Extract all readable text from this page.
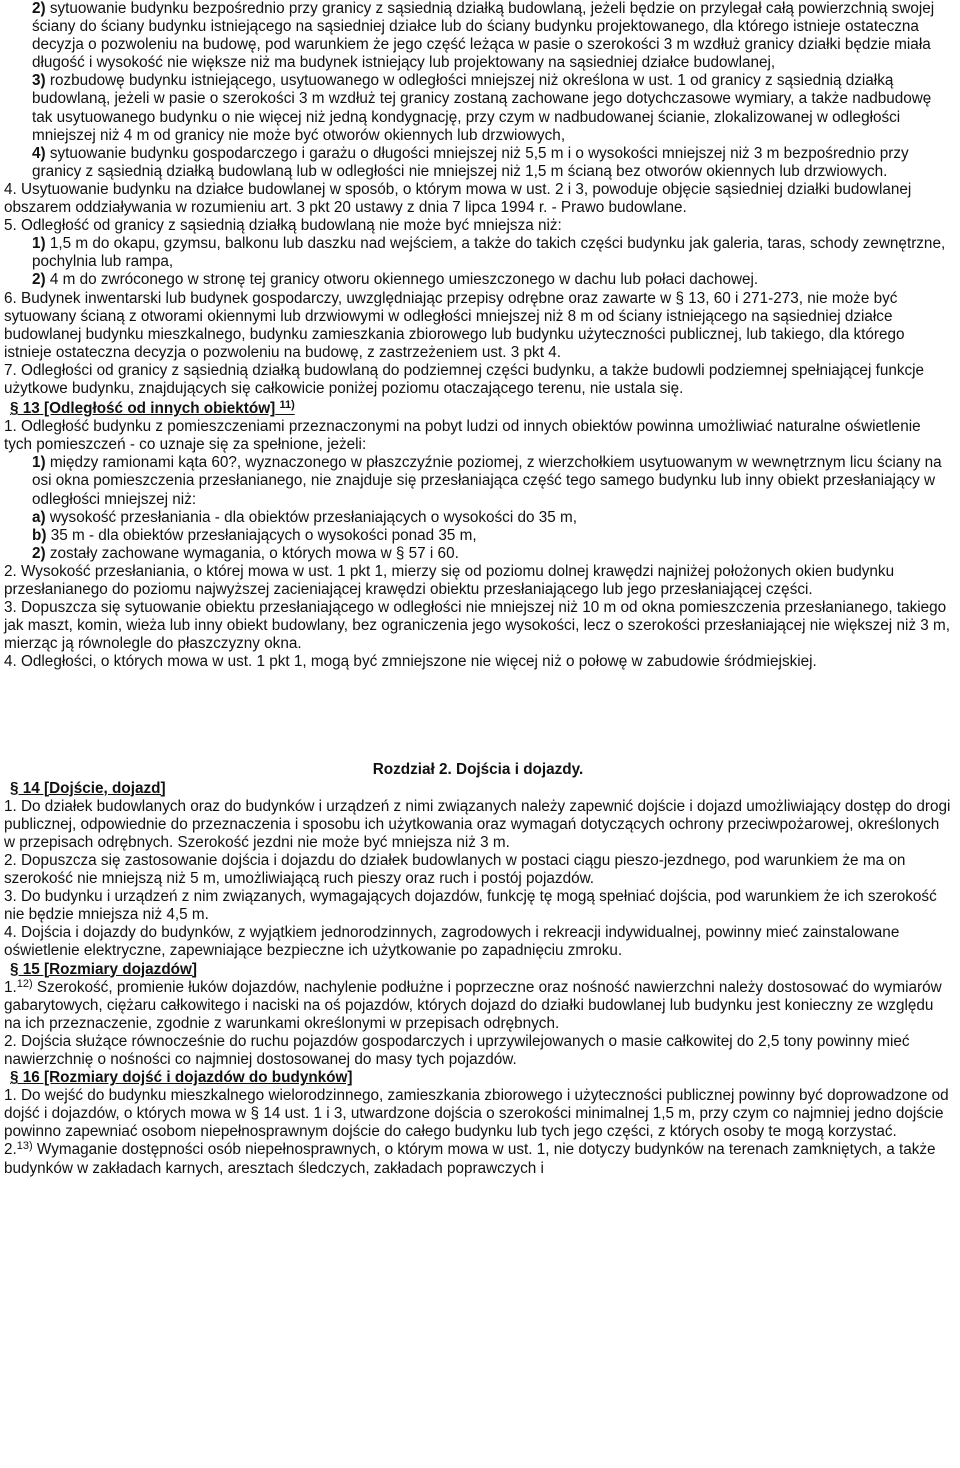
2) sytuowanie budynku bezpośrednio przy granicy z sąsiednią działką budowlaną, jeżeli będzie on przylegał całą powierzchnią swojej ściany do ściany budynku istniejącego na sąsiedniej działce lub do ściany budynku projektowanego, dla którego istnieje ostateczna decyzja o pozwoleniu na budowę, pod warunkiem że jego część leżąca w pasie o szerokości 3 m wzdłuż granicy działki będzie miała długość i wysokość nie większe niż ma budynek istniejący lub projektowany na sąsiedniej działce budowlanej,

3) rozbudowę budynku istniejącego, usytuowanego w odległości mniejszej niż określona w ust. 1 od granicy z sąsiednią działką budowlaną, jeżeli w pasie o szerokości 3 m wzdłuż tej granicy zostaną zachowane jego dotychczasowe wymiary, a także nadbudowę tak usytuowanego budynku o nie więcej niż jedną kondygnację, przy czym w nadbudowanej ścianie, zlokalizowanej w odległości mniejszej niż 4 m od granicy nie może być otworów okiennych lub drzwiowych,

4) sytuowanie budynku gospodarczego i garażu o długości mniejszej niż 5,5 m i o wysokości mniejszej niż 3 m bezpośrednio przy granicy z sąsiednią działką budowlaną lub w odległości nie mniejszej niż 1,5 m ścianą bez otworów okiennych lub drzwiowych.

4. Usytuowanie budynku na działce budowlanej w sposób, o którym mowa w ust. 2 i 3, powoduje objęcie sąsiedniej działki budowlanej obszarem oddziaływania w rozumieniu art. 3 pkt 20 ustawy z dnia 7 lipca 1994 r. - Prawo budowlane.

5. Odległość od granicy z sąsiednią działką budowlaną nie może być mniejsza niż:

1) 1,5 m do okapu, gzymsu, balkonu lub daszku nad wejściem, a także do takich części budynku jak galeria, taras, schody zewnętrzne, pochylnia lub rampa,

2) 4 m do zwróconego w stronę tej granicy otworu okiennego umieszczonego w dachu lub połaci dachowej.

6. Budynek inwentarski lub budynek gospodarczy, uwzględniając przepisy odrębne oraz zawarte w § 13, 60 i 271-273, nie może być sytuowany ścianą z otworami okiennymi lub drzwiowymi w odległości mniejszej niż 8 m od ściany istniejącego na sąsiedniej działce budowlanej budynku mieszkalnego, budynku zamieszkania zbiorowego lub budynku użyteczności publicznej, lub takiego, dla którego istnieje ostateczna decyzja o pozwoleniu na budowę, z zastrzeżeniem ust. 3 pkt 4.

7. Odległości od granicy z sąsiednią działką budowlaną do podziemnej części budynku, a także budowli podziemnej spełniającej funkcje użytkowe budynku, znajdujących się całkowicie poniżej poziomu otaczającego terenu, nie ustala się.

§ 13 [Odległość od innych obiektów] $^{11)}$

1. Odległość budynku z pomieszczeniami przeznaczonymi na pobyt ludzi od innych obiektów powinna umożliwiać naturalne oświetlenie tych pomieszczeń - co uznaje się za spełnione, jeżeli:

1) między ramionami kąta 60?, wyznaczonego w płaszczyźnie poziomej, z wierzchołkiem usytuowanym w wewnętrznym licu ściany na osi okna pomieszczenia przesłanianego, nie znajduje się przesłaniająca część tego samego budynku lub inny obiekt przesłaniający w odległości mniejszej niż:

a) wysokość przesłaniania - dla obiektów przesłaniających o wysokości do 35 m,

b) 35 m - dla obiektów przesłaniających o wysokości ponad 35 m,

2) zostały zachowane wymagania, o których mowa w § 57 i 60.

2. Wysokość przesłaniania, o której mowa w ust. 1 pkt 1, mierzy się od poziomu dolnej krawędzi najniżej położonych okien budynku przesłanianego do poziomu najwyższej zacieniającej krawędzi obiektu przesłaniającego lub jego przesłaniającej części.

3. Dopuszcza się sytuowanie obiektu przesłaniającego w odległości nie mniejszej niż 10 m od okna pomieszczenia przesłanianego, takiego jak maszt, komin, wieża lub inny obiekt budowlany, bez ograniczenia jego wysokości, lecz o szerokości przesłaniającej nie większej niż 3 m, mierząc ją równolegle do płaszczyzny okna.

4. Odległości, o których mowa w ust. 1 pkt 1, mogą być zmniejszone nie więcej niż o połowę w zabudowie śródmiejskiej.

Rozdział 2. Dojścia i dojazdy.

§ 14 [Dojście, dojazd]

1. Do działek budowlanych oraz do budynków i urządzeń z nimi związanych należy zapewnić dojście i dojazd umożliwiający dostęp do drogi publicznej, odpowiednie do przeznaczenia i sposobu ich użytkowania oraz wymagań dotyczących ochrony przeciwpożarowej, określonych w przepisach odrębnych. Szerokość jezdni nie może być mniejsza niż 3 m.

2. Dopuszcza się zastosowanie dojścia i dojazdu do działek budowlanych w postaci ciągu pieszo-jezdnego, pod warunkiem że ma on szerokość nie mniejszą niż 5 m, umożliwiającą ruch pieszy oraz ruch i postój pojazdów.

3. Do budynku i urządzeń z nim związanych, wymagających dojazdów, funkcję tę mogą spełniać dojścia, pod warunkiem że ich szerokość nie będzie mniejsza niż 4,5 m.

4. Dojścia i dojazdy do budynków, z wyjątkiem jednorodzinnych, zagrodowych i rekreacji indywidualnej, powinny mieć zainstalowane oświetlenie elektryczne, zapewniające bezpieczne ich użytkowanie po zapadnięciu zmroku.

§ 15 [Rozmiary dojazdów]

1.$^{12)}$ Szerokość, promienie łuków dojazdów, nachylenie podłużne i poprzeczne oraz nośność nawierzchni należy dostosować do wymiarów gabarytowych, ciężaru całkowitego i naciski na oś pojazdów, których dojazd do działki budowlanej lub budynku jest konieczny ze względu na ich przeznaczenie, zgodnie z warunkami określonymi w przepisach odrębnych.

2. Dojścia służące równocześnie do ruchu pojazdów gospodarczych i uprzywilejowanych o masie całkowitej do 2,5 tony powinny mieć nawierzchnię o nośności co najmniej dostosowanej do masy tych pojazdów.

§ 16 [Rozmiary dojść i dojazdów do budynków]

1. Do wejść do budynku mieszkalnego wielorodzinnego, zamieszkania zbiorowego i użyteczności publicznej powinny być doprowadzone od dojść i dojazdów, o których mowa w § 14 ust. 1 i 3, utwardzone dojścia o szerokości minimalnej 1,5 m, przy czym co najmniej jedno dojście powinno zapewniać osobom niepełnosprawnym dojście do całego budynku lub tych jego części, z których osoby te mogą korzystać.

2.$^{13)}$ Wymaganie dostępności osób niepełnosprawnych, o którym mowa w ust. 1, nie dotyczy budynków na terenach zamkniętych, a także budynków w zakładach karnych, aresztach śledczych, zakładach poprawczych i
